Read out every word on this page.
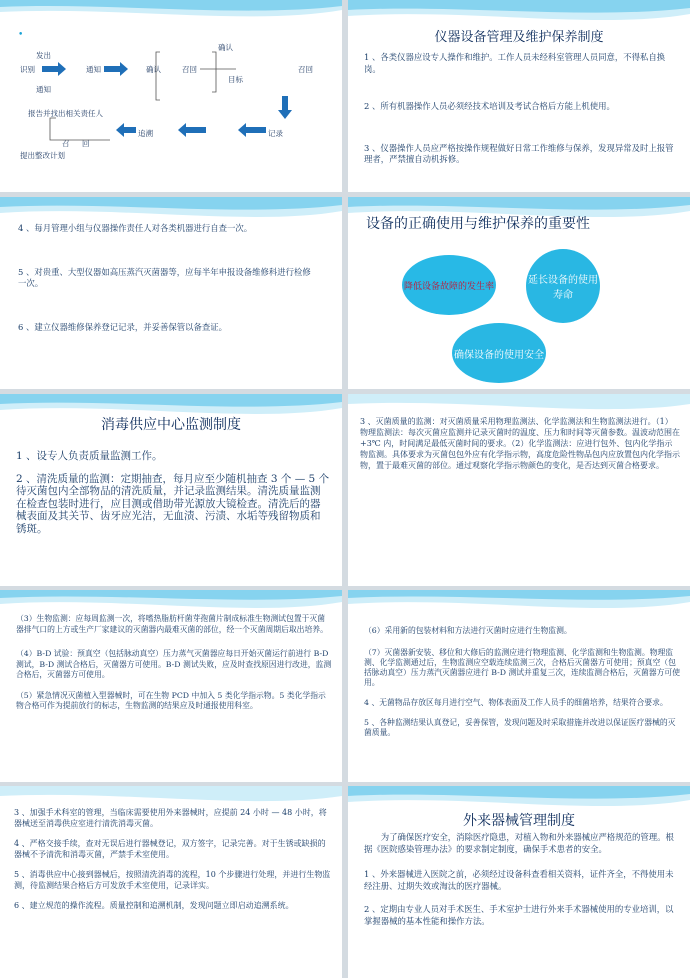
•
发出
识别	通知
通知
确认	召回
确认
目标
召回
报告并找出相关责任人
召 回
追溯	记录
提出整改计划
仪器设备管理及维护保养制度

1 、各类仪器应设专人操作和维护。工作人员未经科室管理人员同意，不得私自换岗。

2 、所有机器操作人员必须经技术培训及考试合格后方能上机使用。

3 、仪器操作人员应严格按操作规程做好日常工作维修与保养，发现异常及时上报管理者，严禁擅自动机拆修。

4 、每月管理小组与仪器操作责任人对各类机器进行自查一次。

5 、对贵重、大型仪器如高压蒸汽灭菌器等，应每半年申报设备维修科进行检修一次。

6 、建立仪器维修保养登记记录，并妥善保管以备查证。

设备的正确使用与维护保养的重要性
降低设备故障的发生率
延长设备的使用寿命
确保设备的使用安全
消毒供应中心监测制度

1 、设专人负责质量监测工作。

2 、清洗质量的监测：定期抽查，每月应至少随机抽查 3 个 — 5 个 待灭菌包内全部物品的清洗质量，并记录监测结果。清洗质量监测在检查包装时进行，应目测或借助带光源放大镜检查。清洗后的器械表面及其关节、齿牙应光洁，无血渍、污渍、水垢等残留物质和锈斑。

3 、灭菌质量的监测：对灭菌质量采用物理监测法、化学监测法和生物监测法进行。（1）物理监测法：每次灭菌应监测并记录灭菌时的温度、压力和时间等灭菌参数。温波动范围在 +3℃ 内，时间满足最低灭菌时间的要求。（2）化学监测法：应进行包外、包内化学指示物监测。具体要求为灭菌包包外应有化学指示物，高度危险性物品包内应放置包内化学指示物，置于最难灭菌的部位。通过观察化学指示物颜色的变化，是否达到灭菌合格要求。

（3）生物监测：应每周监测一次，将嗜热脂肪杆菌芽孢菌片制成标准生物测试包置于灭菌器排气口的上方或生产厂家建议的灭菌器内最难灭菌的部位，经一个灭菌周期后取出培养。

（4）B-D 试验：预真空（包括脉动真空）压力蒸气灭菌器应每日开始灭菌运行前进行 B-D 测试，B-D 测试合格后，灭菌器方可使用。B-D 测试失败，应及时查找原因进行改进，监测合格后，灭菌器方可使用。

（5）紧急情况灭菌植入型器械时，可在生物 PCD 中加入 5 类化学指示物。5 类化学指示物合格可作为提前放行的标志，生物监测的结果应及时通报使用科室。

（6）采用新的包装材料和方法进行灭菌时应进行生物监测。

（7）灭菌器新安装、移位和大修后的监测应进行物理监测、化学监测和生物监测。物理监测、化学监测通过后，生物监测应空载连续监测三次，合格后灭菌器方可使用；预真空（包括脉动真空）压力蒸汽灭菌器应进行 B-D 测试并重复三次，连续监测合格后，灭菌器方可使用。

4 、无菌物品存放区每月进行空气、物体表面及工作人员手的细菌培养，结果符合要求。

5 、各种监测结果认真登记，妥善保管，发现问题及时采取措施并改进以保证医疗器械的灭菌质量。

3 、加强手术科室的管理，当临床需要使用外来器械时，应提前 24 小时 — 48 小时，将器械送至消毒供应室进行清洗消毒灭菌。

4 、严格交接手续，查对无误后进行器械登记，双方签字，记录完善。对于生锈或缺损的器械不予清洗和消毒灭菌，严禁手术室使用。

5 、消毒供应中心接到器械后，按照清洗消毒的流程，10 个步骤进行处理，并进行生物监测，待监测结果合格后方可发放手术室使用，记录详实。

6 、建立规范的操作流程。质量控制和追溯机制，发现问题立即启动追溯系统。

外来器械管理制度

为了确保医疗安全，消除医疗隐患，对植入物和外来器械应严格规范的管理。根据《医院感染管理办法》的要求制定制度，确保手术患者的安全。

1 、外来器械进入医院之前，必须经过设备科查看相关资料，证件齐全，不得使用未经注册、过期失效或淘汰的医疗器械。

2 、定期由专业人员对手术医生、手术室护士进行外来手术器械使用的专业培训，以掌握器械的基本性能和操作方法。
